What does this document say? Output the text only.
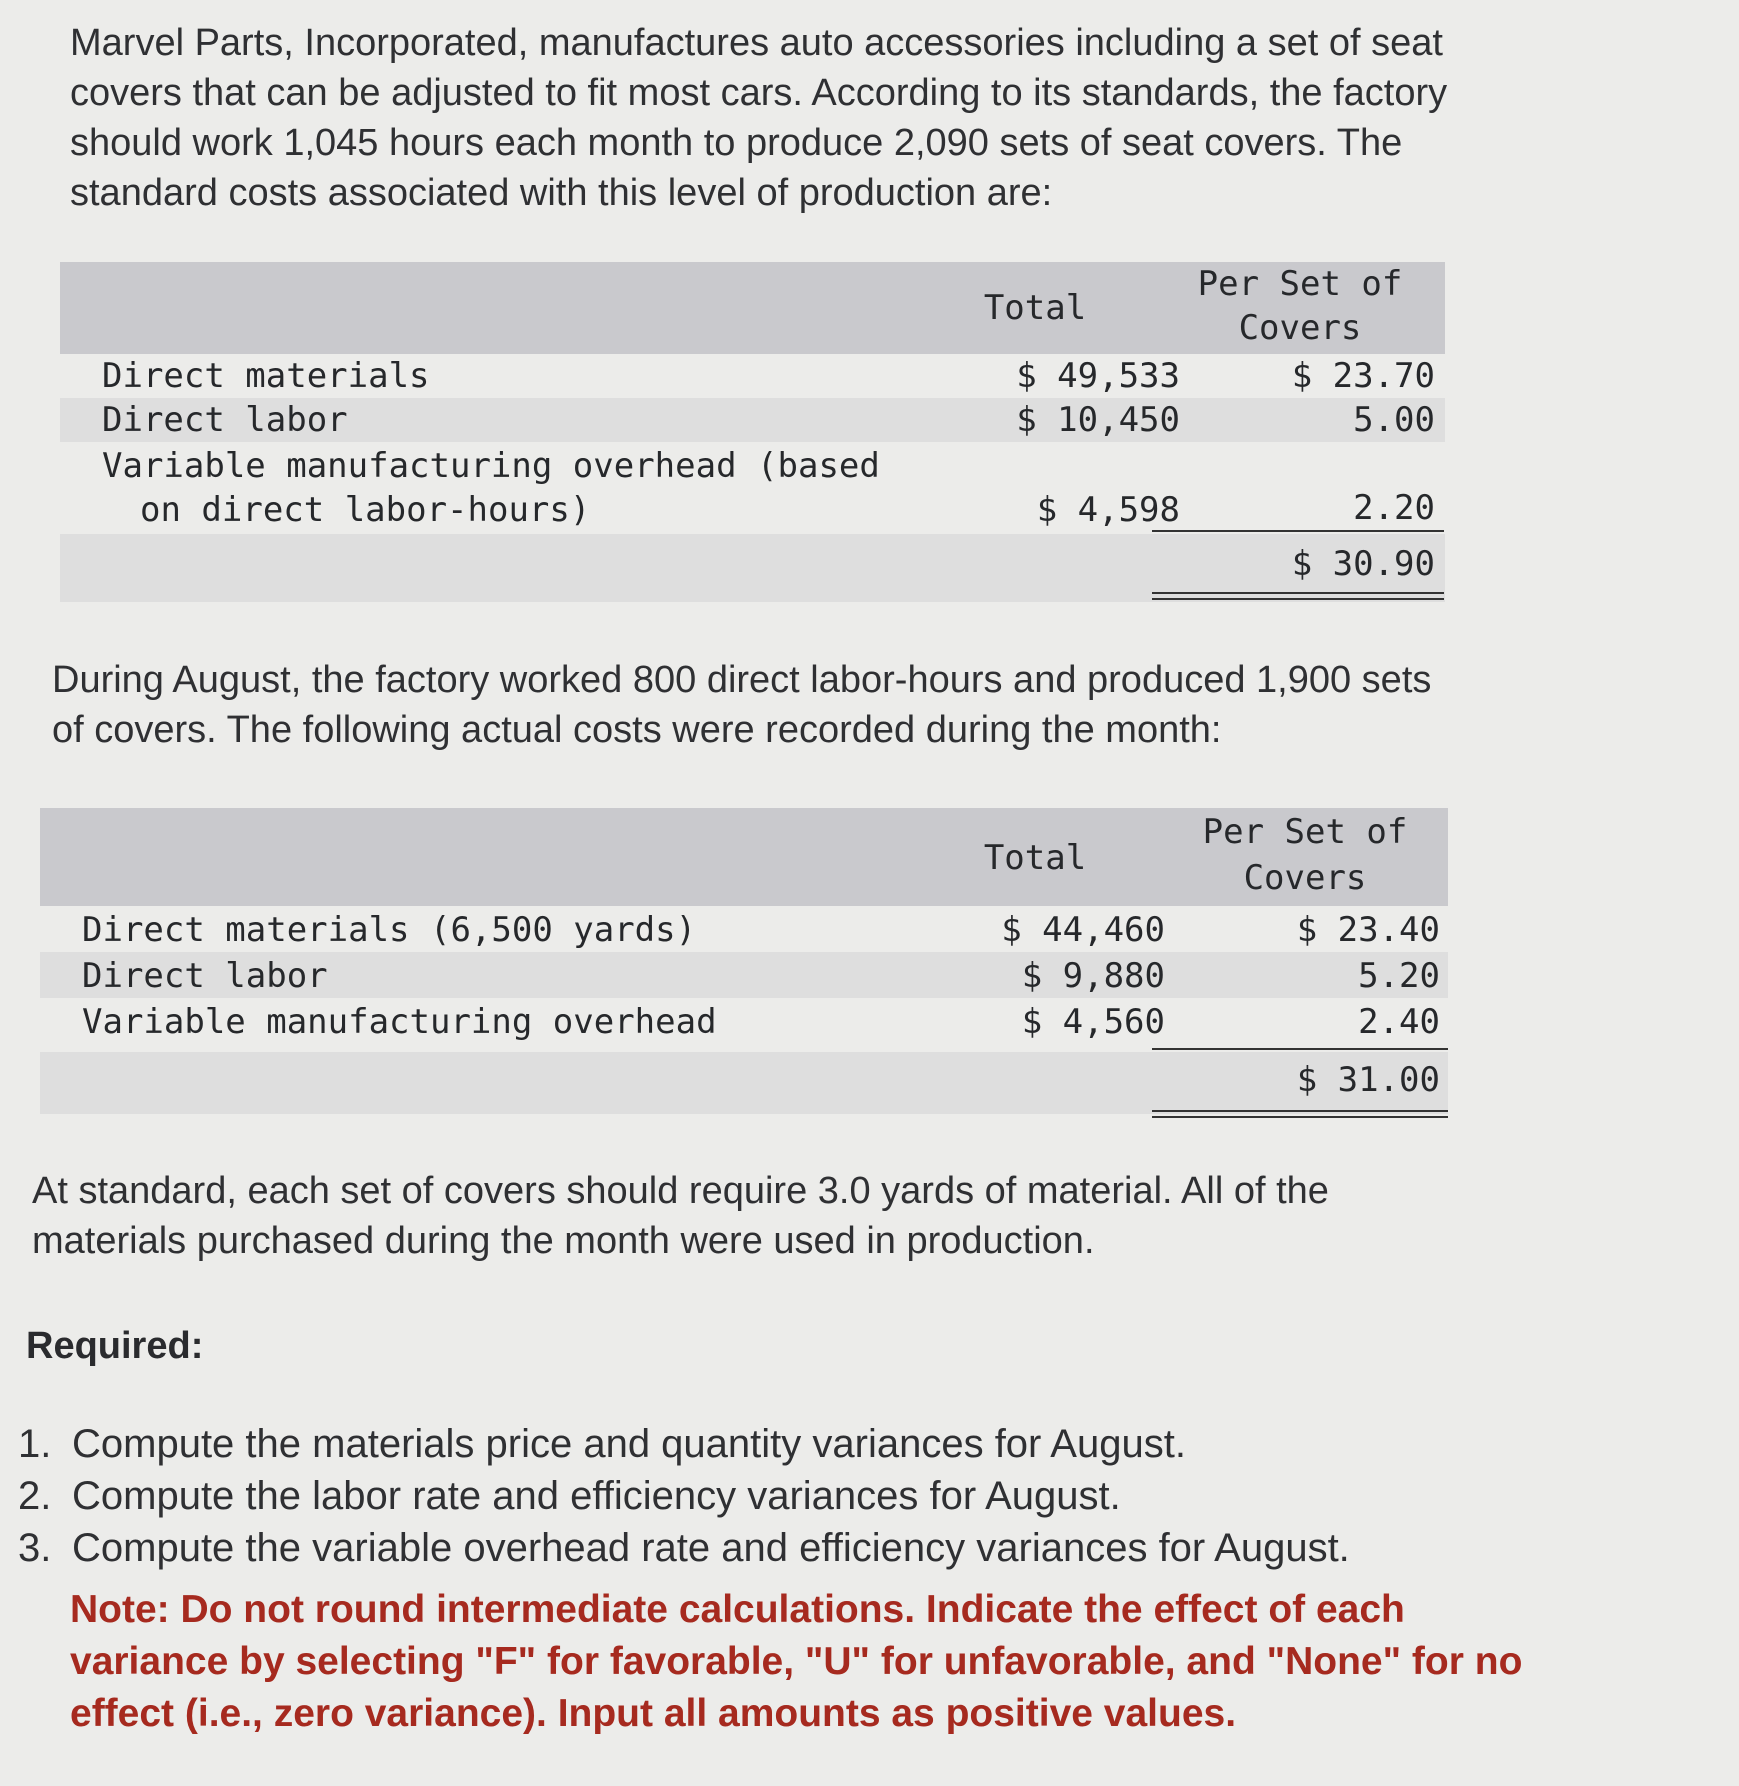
Marvel Parts, Incorporated, manufactures auto accessories including a set of seat
covers that can be adjusted to fit most cars. According to its standards, the factory
should work 1,045 hours each month to produce 2,090 sets of seat covers. The
standard costs associated with this level of production are:
Total
Per Set of
Covers
Direct materials	$ 49,533	$ 23.70
Direct labor	$ 10,450	5.00
Variable manufacturing overhead (based
on direct labor-hours)	$ 4,598	2.20
$ 30.90
During August, the factory worked 800 direct labor-hours and produced 1,900 sets
of covers. The following actual costs were recorded during the month:
Total
Per Set of
Covers
Direct materials (6,500 yards)	$ 44,460	$ 23.40
Direct labor	$ 9,880	5.20
Variable manufacturing overhead	$ 4,560	2.40
$ 31.00
At standard, each set of covers should require 3.0 yards of material. All of the
materials purchased during the month were used in production.
Required:
1. Compute the materials price and quantity variances for August.
2. Compute the labor rate and efficiency variances for August.
3. Compute the variable overhead rate and efficiency variances for August.
Note: Do not round intermediate calculations. Indicate the effect of each
variance by selecting "F" for favorable, "U" for unfavorable, and "None" for no
effect (i.e., zero variance). Input all amounts as positive values.
